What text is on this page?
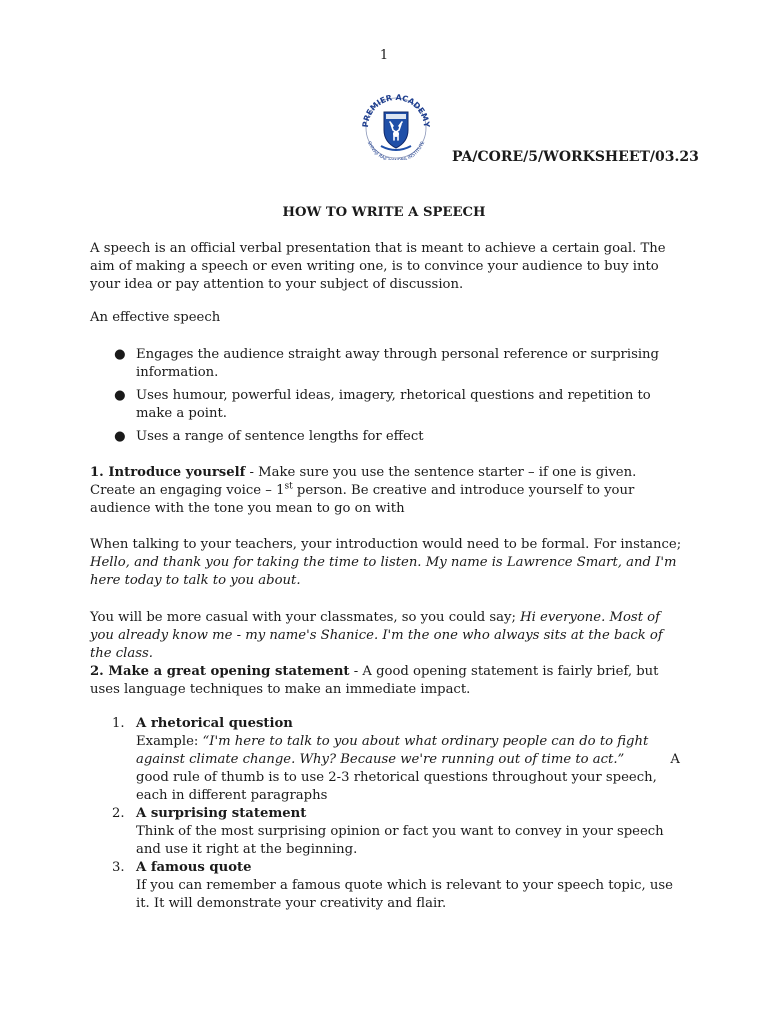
1
PREMIER ACADEMY
SHIVAJI RAJC A INSTITUTE
PA/CORE/5/WORKSHEET/03.23
HOW TO WRITE A SPEECH

A speech is an official verbal presentation that is meant to achieve a certain goal. The aim of making a speech or even writing one, is to convince your audience to buy into your idea or pay attention to your subject of discussion.

An effective speech

● Engages the audience straight away through personal reference or surprising information.
● Uses humour, powerful ideas, imagery, rhetorical questions and repetition to make a point.
● Uses a range of sentence lengths for effect

1. Introduce yourself - Make sure you use the sentence starter – if one is given.
Create an engaging voice – 1st person. Be creative and introduce yourself to your audience with the tone you mean to go on with

When talking to your teachers, your introduction would need to be formal. For instance;
Hello, and thank you for taking the time to listen. My name is Lawrence Smart, and I'm here today to talk to you about.

You will be more casual with your classmates, so you could say; Hi everyone. Most of you already know me - my name's Shanice. I'm the one who always sits at the back of the class.

2. Make a great opening statement - A good opening statement is fairly brief, but uses language techniques to make an immediate impact.

1. A rhetorical question
Example: “I'm here to talk to you about what ordinary people can do to fight against climate change. Why? Because we're running out of time to act.”           A good rule of thumb is to use 2-3 rhetorical questions throughout your speech, each in different paragraphs
2. A surprising statement
Think of the most surprising opinion or fact you want to convey in your speech and use it right at the beginning.
3. A famous quote
If you can remember a famous quote which is relevant to your speech topic, use it. It will demonstrate your creativity and flair.
